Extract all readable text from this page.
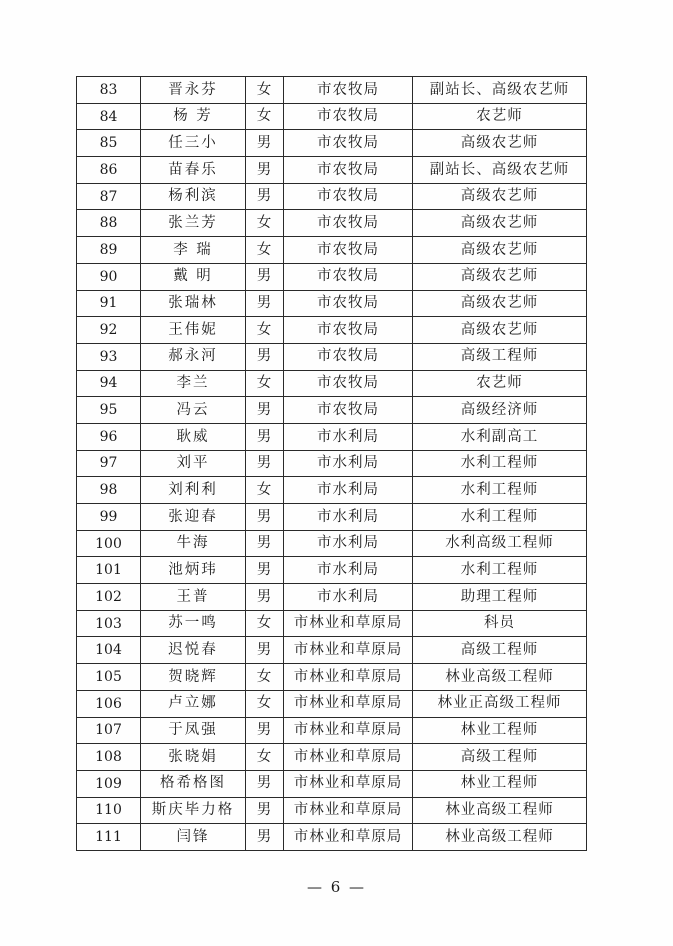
83	晋永芬	女	市农牧局	副站长、高级农艺师
84	杨 芳	女	市农牧局	农艺师
85	任三小	男	市农牧局	高级农艺师
86	苗春乐	男	市农牧局	副站长、高级农艺师
87	杨利滨	男	市农牧局	高级农艺师
88	张兰芳	女	市农牧局	高级农艺师
89	李 瑞	女	市农牧局	高级农艺师
90	戴 明	男	市农牧局	高级农艺师
91	张瑞林	男	市农牧局	高级农艺师
92	王伟妮	女	市农牧局	高级农艺师
93	郝永河	男	市农牧局	高级工程师
94	李兰	女	市农牧局	农艺师
95	冯云	男	市农牧局	高级经济师
96	耿威	男	市水利局	水利副高工
97	刘平	男	市水利局	水利工程师
98	刘利利	女	市水利局	水利工程师
99	张迎春	男	市水利局	水利工程师
100	牛海	男	市水利局	水利高级工程师
101	池炳玮	男	市水利局	水利工程师
102	王普	男	市水利局	助理工程师
103	苏一鸣	女	市林业和草原局	科员
104	迟悦春	男	市林业和草原局	高级工程师
105	贺晓辉	女	市林业和草原局	林业高级工程师
106	卢立娜	女	市林业和草原局	林业正高级工程师
107	于凤强	男	市林业和草原局	林业工程师
108	张晓娟	女	市林业和草原局	高级工程师
109	格希格图	男	市林业和草原局	林业工程师
110	斯庆毕力格	男	市林业和草原局	林业高级工程师
111	闫锋	男	市林业和草原局	林业高级工程师
— 6 —
